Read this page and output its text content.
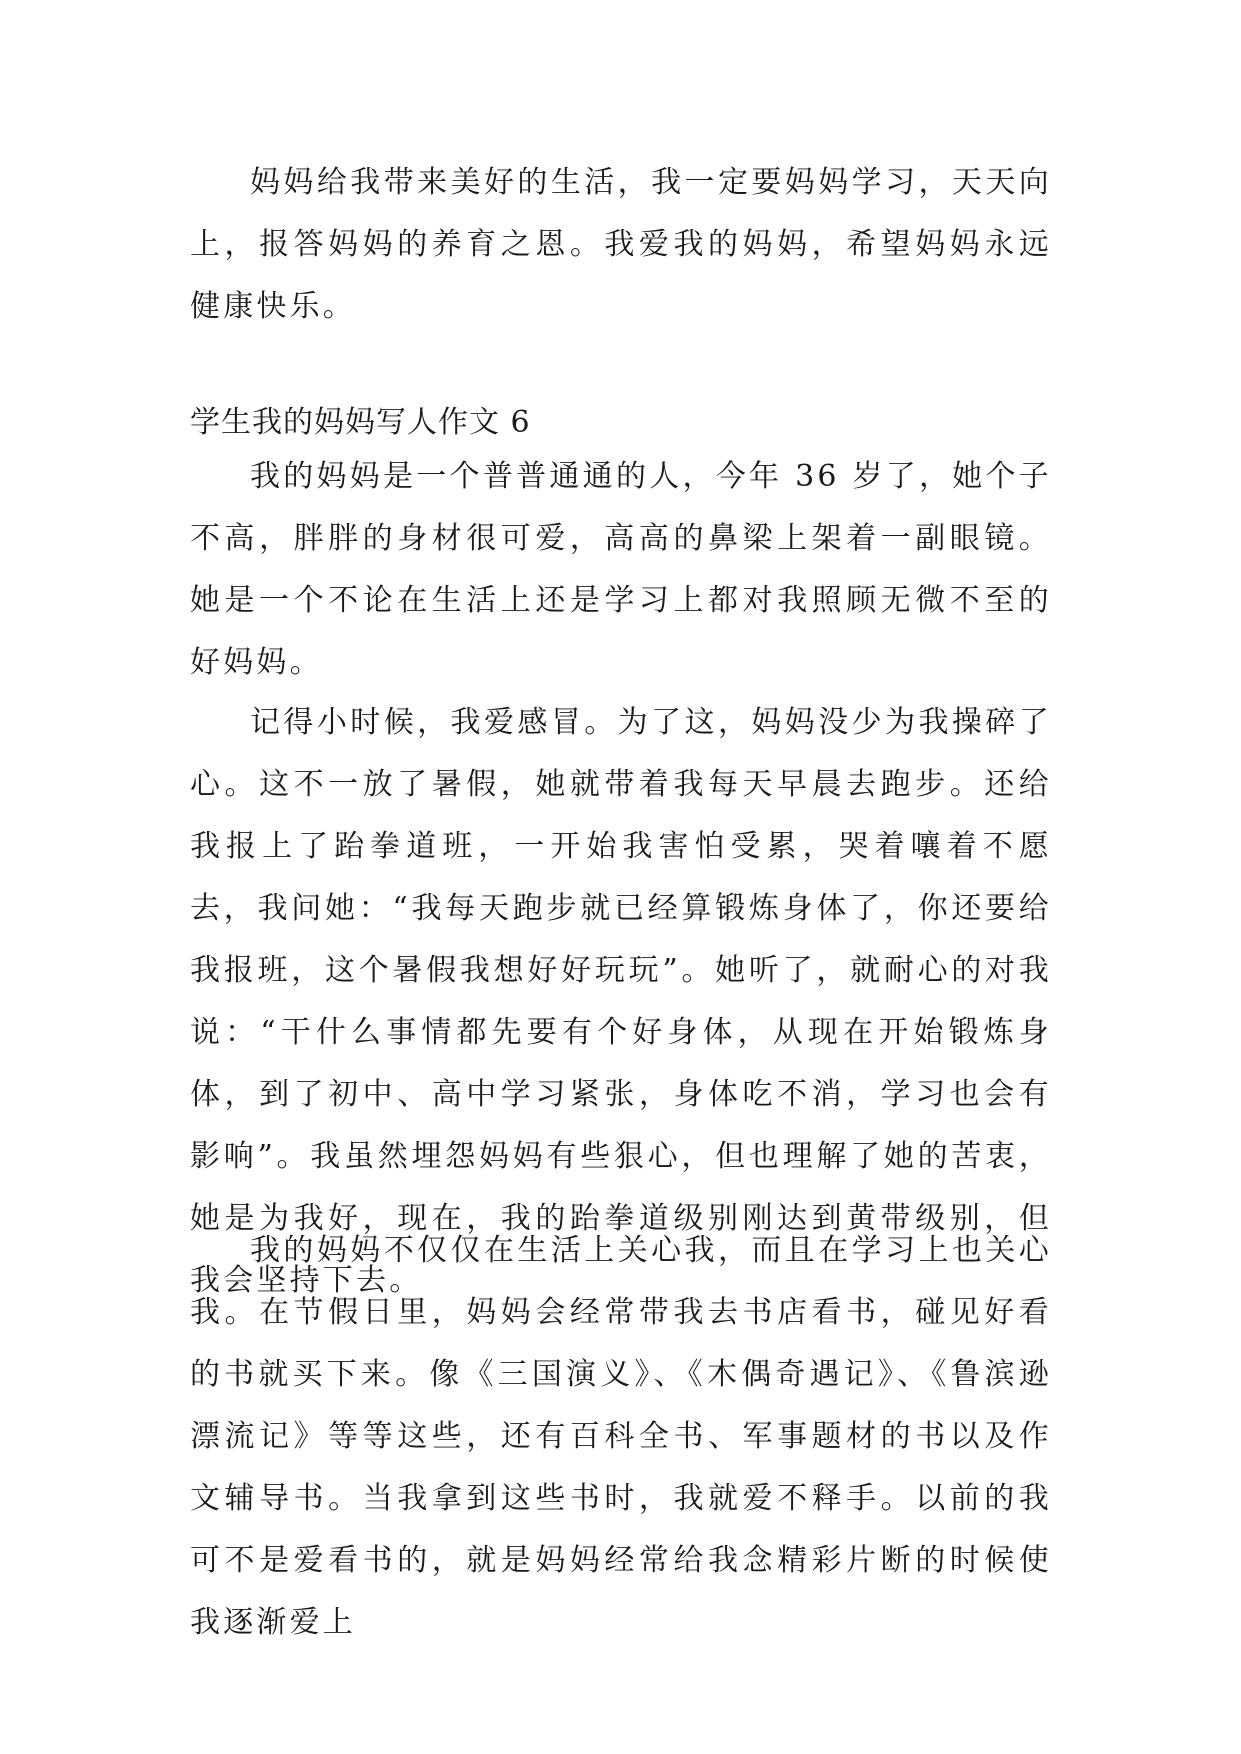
妈妈给我带来美好的生活，我一定要妈妈学习，天天向上，报答妈妈的养育之恩。我爱我的妈妈，希望妈妈永远健康快乐。

学生我的妈妈写人作文 6

我的妈妈是一个普普通通的人，今年 36 岁了，她个子不高，胖胖的身材很可爱，高高的鼻梁上架着一副眼镜。她是一个不论在生活上还是学习上都对我照顾无微不至的好妈妈。

记得小时候，我爱感冒。为了这，妈妈没少为我操碎了心。这不一放了暑假，她就带着我每天早晨去跑步。还给我报上了跆拳道班，一开始我害怕受累，哭着嚷着不愿去，我问她：“我每天跑步就已经算锻炼身体了，你还要给我报班，这个暑假我想好好玩玩”。她听了，就耐心的对我说：“干什么事情都先要有个好身体，从现在开始锻炼身体，到了初中、高中学习紧张，身体吃不消，学习也会有影响”。我虽然埋怨妈妈有些狠心，但也理解了她的苦衷，她是为我好，现在，我的跆拳道级别刚达到黄带级别，但我会坚持下去。

我的妈妈不仅仅在生活上关心我，而且在学习上也关心我。在节假日里，妈妈会经常带我去书店看书，碰见好看的书就买下来。像《三国演义》、《木偶奇遇记》、《鲁滨逊漂流记》等等这些，还有百科全书、军事题材的书以及作文辅导书。当我拿到这些书时，我就爱不释手。以前的我可不是爱看书的，就是妈妈经常给我念精彩片断的时候使我逐渐爱上
